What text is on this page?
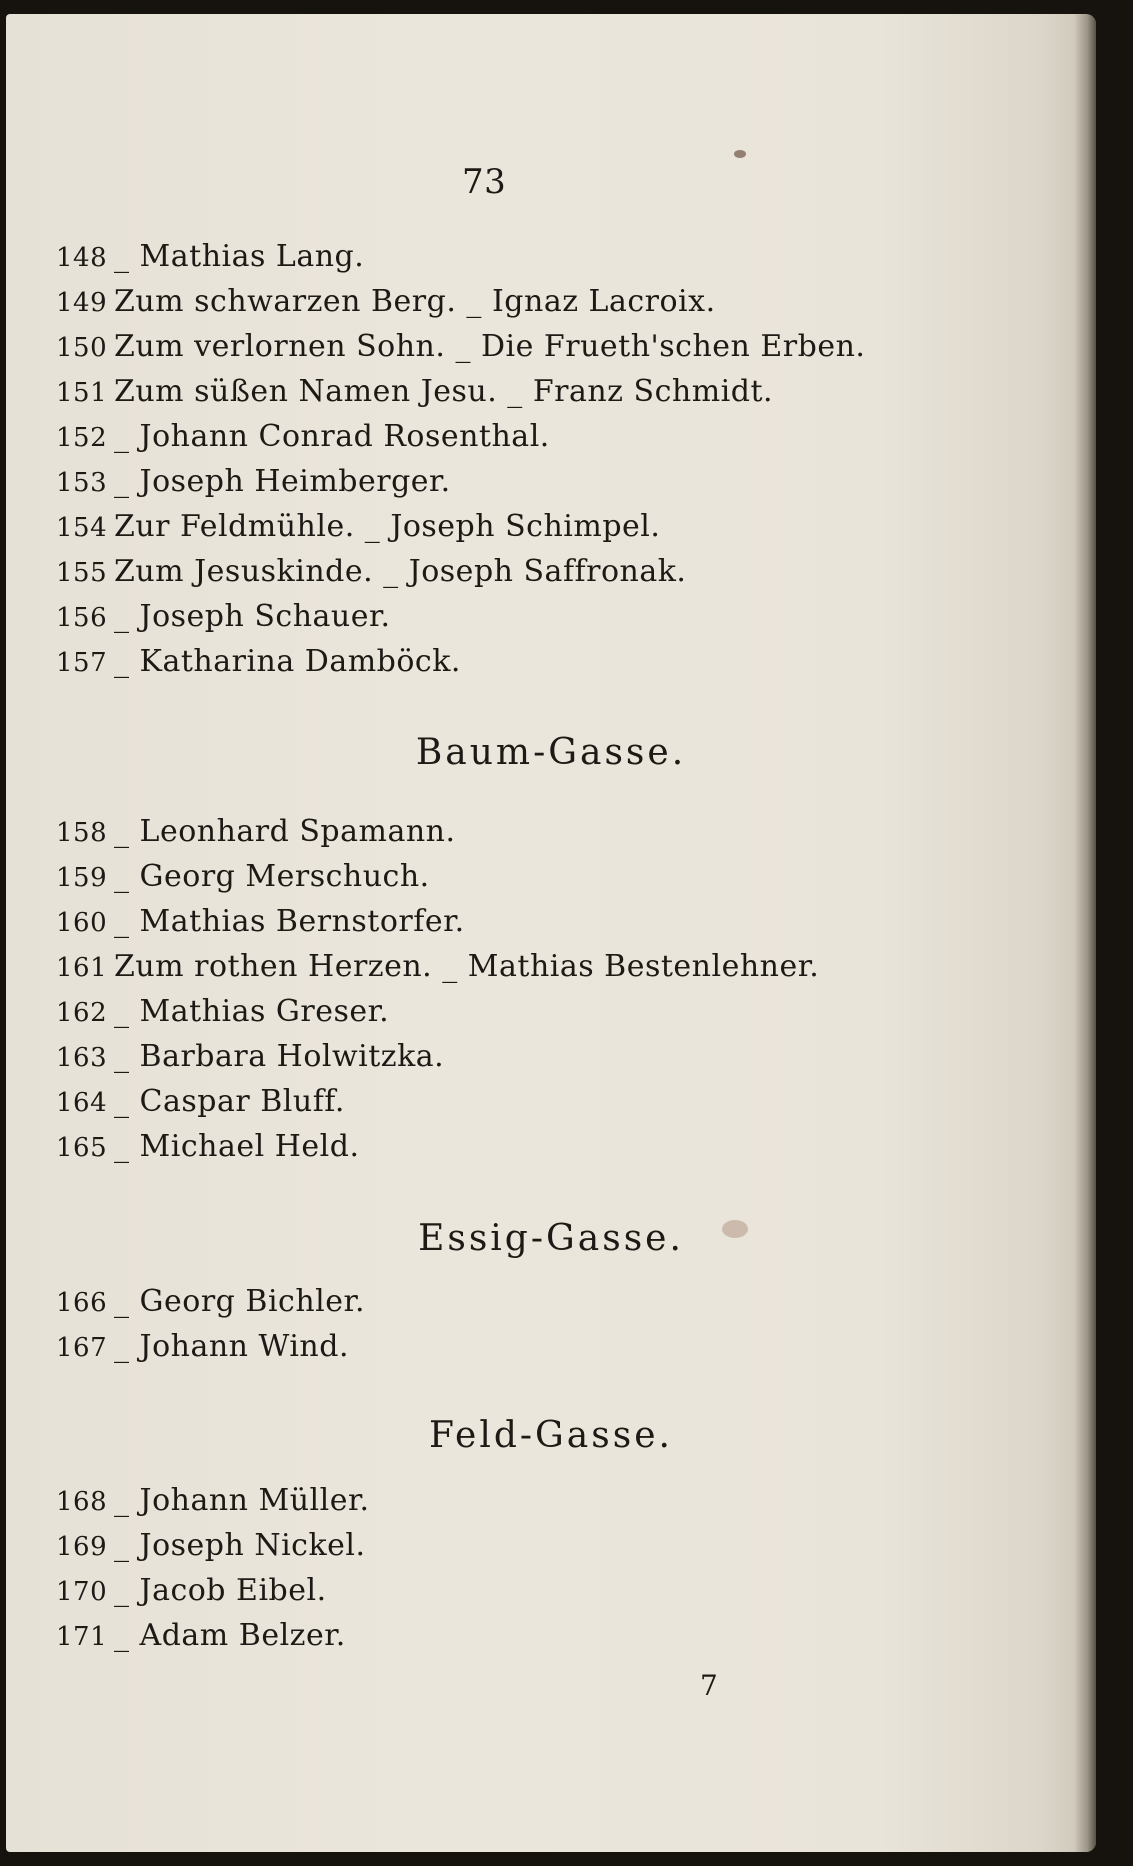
73
148 _ Mathias Lang.
149 Zum schwarzen Berg. _ Ignaz Lacroix.
150 Zum verlornen Sohn. _ Die Frueth'schen Erben.
151 Zum süßen Namen Jesu. _ Franz Schmidt.
152 _ Johann Conrad Rosenthal.
153 _ Joseph Heimberger.
154 Zur Feldmühle. _ Joseph Schimpel.
155 Zum Jesuskinde. _ Joseph Saffronak.
156 _ Joseph Schauer.
157 _ Katharina Damböck.
Baum-Gasse.
158 _ Leonhard Spamann.
159 _ Georg Merschuch.
160 _ Mathias Bernstorfer.
161 Zum rothen Herzen. _ Mathias Bestenlehner.
162 _ Mathias Greser.
163 _ Barbara Holwitzka.
164 _ Caspar Bluff.
165 _ Michael Held.
Essig-Gasse.
166 _ Georg Bichler.
167 _ Johann Wind.
Feld-Gasse.
168 _ Johann Müller.
169 _ Joseph Nickel.
170 _ Jacob Eibel.
171 _ Adam Belzer.
7
